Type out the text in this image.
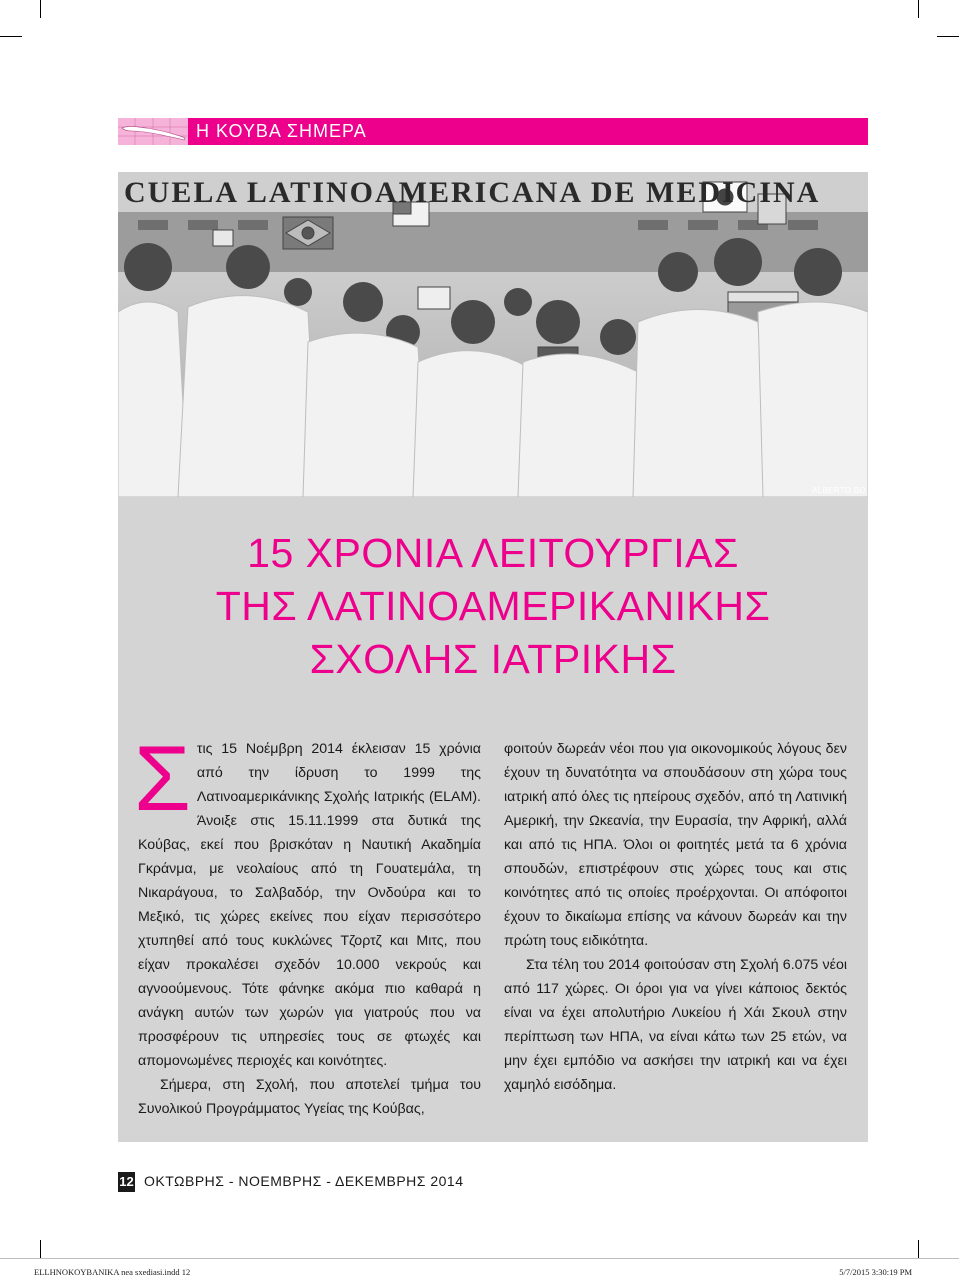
Η ΚΟΥΒΑ ΣΗΜΕΡΑ
CUELA LATINOAMERICANA DE MEDICINA
ALBERTO BO
15 ΧΡΟΝΙΑ ΛΕΙΤΟΥΡΓΙΑΣ
ΤΗΣ ΛΑΤΙΝΟΑΜΕΡΙΚΑΝΙΚΗΣ
ΣΧΟΛΗΣ ΙΑΤΡΙΚΗΣ

Στις 15 Νοέμβρη 2014 έκλεισαν 15 χρόνια από την ίδρυση το 1999 της Λατινοαμερικάνικης Σχολής Ιατρικής (ELAM). Άνοιξε στις 15.11.1999 στα δυτικά της Κούβας, εκεί που βρισκόταν η Ναυτική Ακαδημία Γκράνμα, με νεολαίους από τη Γουατεμάλα, τη Νικαράγουα, το Σαλβαδόρ, την Ονδούρα και το Μεξικό, τις χώρες εκείνες που είχαν περισσότερο χτυπηθεί από τους κυκλώνες Τζορτζ και Μιτς, που είχαν προκαλέσει σχεδόν 10.000 νεκρούς και αγνοούμενους. Τότε φάνηκε ακόμα πιο καθαρά η ανάγκη αυτών των χωρών για γιατρούς που να προσφέρουν τις υπηρεσίες τους σε φτωχές και απομονωμένες περιοχές και κοινότητες.

Σήμερα, στη Σχολή, που αποτελεί τμήμα του Συνολικού Προγράμματος Υγείας της Κούβας,

φοιτούν δωρεάν νέοι που για οικονομικούς λόγους δεν έχουν τη δυνατότητα να σπουδάσουν στη χώρα τους ιατρική από όλες τις ηπείρους σχεδόν, από τη Λατινική Αμερική, την Ωκεανία, την Ευρασία, την Αφρική, αλλά και από τις ΗΠΑ. Όλοι οι φοιτητές μετά τα 6 χρόνια σπουδών, επιστρέφουν στις χώρες τους και στις κοινότητες από τις οποίες προέρχονται. Οι απόφοιτοι έχουν το δικαίωμα επίσης να κάνουν δωρεάν και την πρώτη τους ειδικότητα.

Στα τέλη του 2014 φοιτούσαν στη Σχολή 6.075 νέοι από 117 χώρες. Οι όροι για να γίνει κάποιος δεκτός είναι να έχει απολυτήριο Λυκείου ή Χάι Σκουλ στην περίπτωση των ΗΠΑ, να είναι κάτω των 25 ετών, να μην έχει εμπόδιο να ασκήσει την ιατρική και να έχει χαμηλό εισόδημα.

12 ΟΚΤΩΒΡΗΣ - ΝΟΕΜΒΡΗΣ - ΔΕΚΕΜΒΡΗΣ 2014
ELLHNOKOYBANIKA nea sxediasi.indd 12	5/7/2015 3:30:19 PM
